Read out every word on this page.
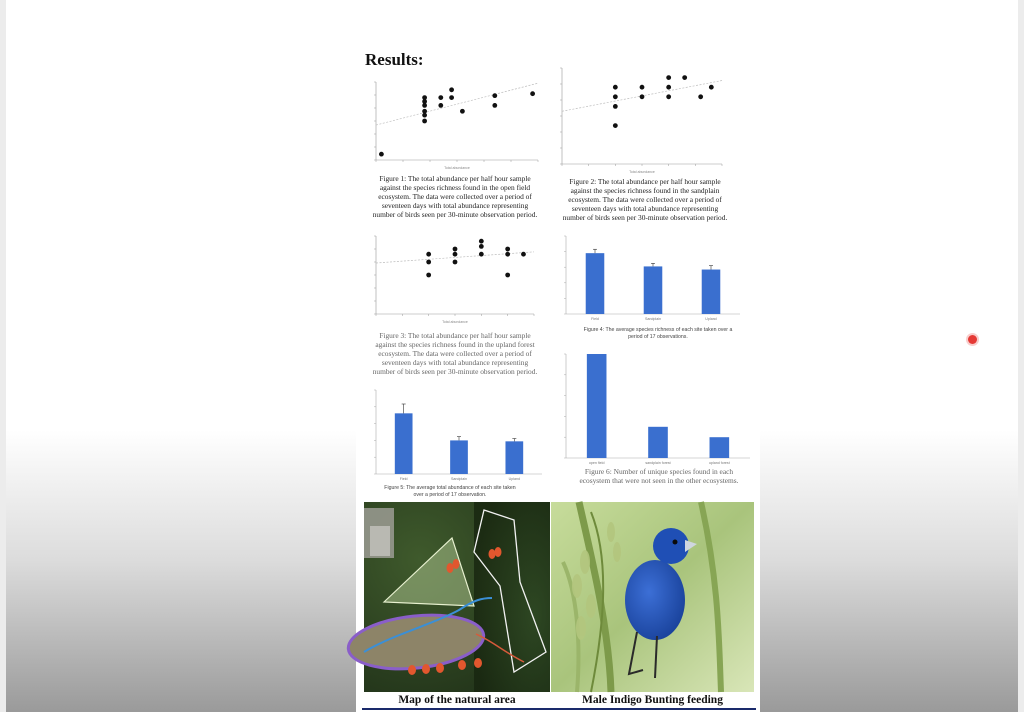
Results:
Total abundance
Figure 1: The total abundance per half hour sample against the species richness found in the open field ecosystem. The data were collected over a period of seventeen days with total abundance representing number of birds seen per 30-minute observation period.
Total abundance
Figure 2: The total abundance per half hour sample against the species richness found in the sandplain ecosystem. The data were collected over a period of seventeen days with total abundance representing number of birds seen per 30-minute observation period.
Total abundance
Figure 3: The total abundance per half hour sample against the species richness found in the upland forest ecosystem. The data were collected over a period of seventeen days with total abundance representing number of birds seen per 30-minute observation period.
Field	Sandplain	Upland
Figure 4: The average species richness of each site taken over a period of 17 observations.
Field	Sandplain	Upland
Figure 5: The average total abundance of each site taken over a period of 17 observation.
open field	sandplain forest	upland forest
Figure 6: Number of unique species found in each ecosystem that were not seen in the other ecosystems.
Map of the natural area	Male Indigo Bunting feeding
